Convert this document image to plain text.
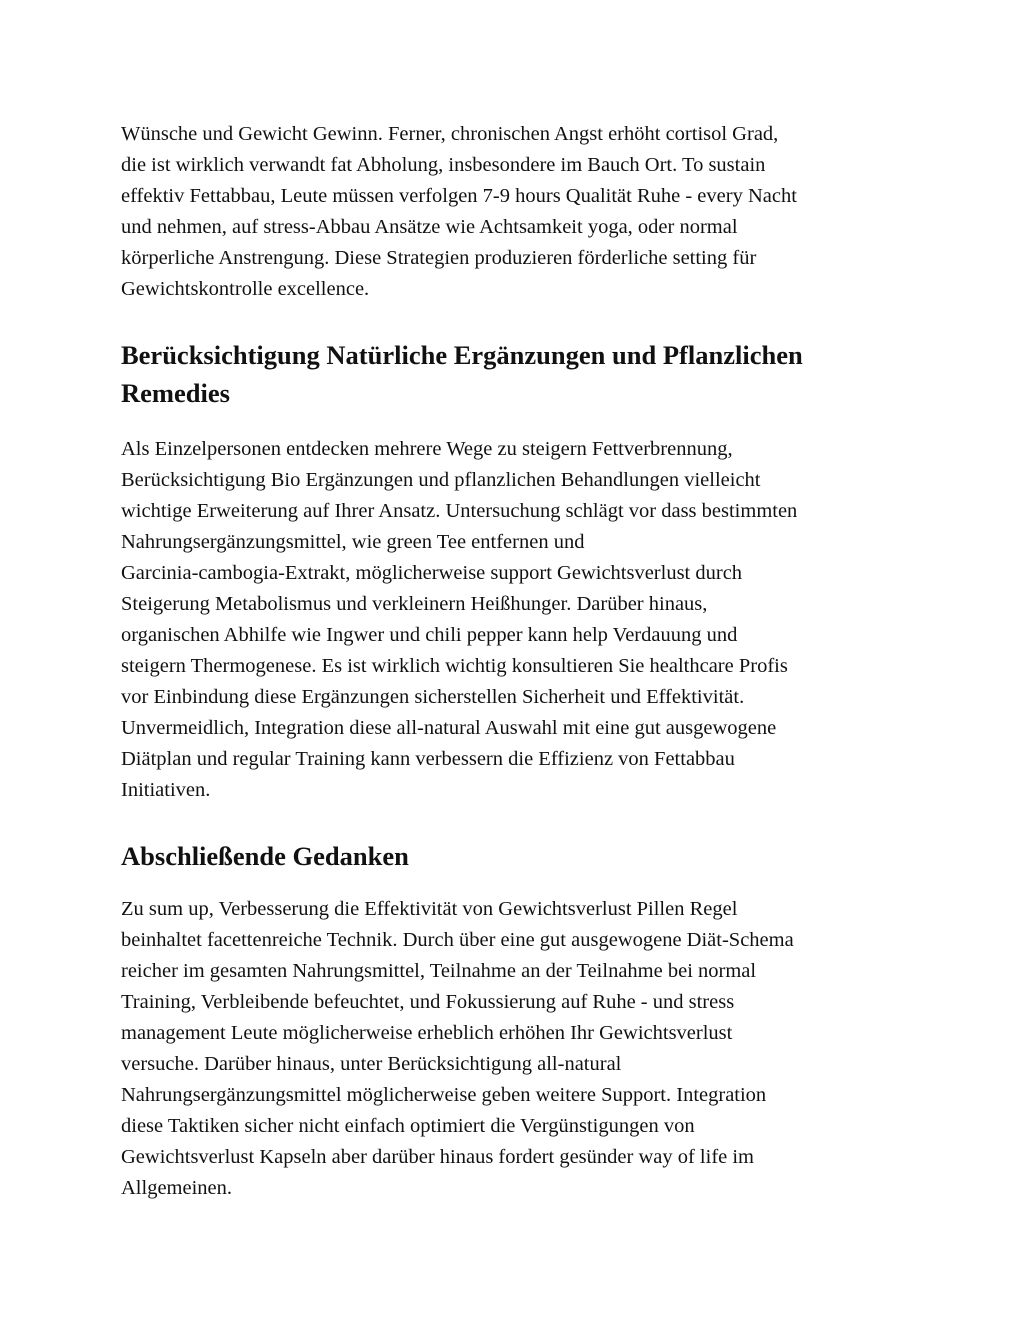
Wünsche und Gewicht Gewinn. Ferner, chronischen Angst erhöht cortisol Grad,
die ist wirklich verwandt fat Abholung, insbesondere im Bauch Ort. To sustain
effektiv Fettabbau, Leute müssen verfolgen 7-9 hours Qualität Ruhe - every Nacht
und nehmen, auf stress-Abbau Ansätze wie Achtsamkeit yoga, oder normal
körperliche Anstrengung. Diese Strategien produzieren förderliche setting für
Gewichtskontrolle excellence.

Berücksichtigung Natürliche Ergänzungen und Pflanzlichen
Remedies

Als Einzelpersonen entdecken mehrere Wege zu steigern Fettverbrennung,
Berücksichtigung Bio Ergänzungen und pflanzlichen Behandlungen vielleicht
wichtige Erweiterung auf Ihrer Ansatz. Untersuchung schlägt vor dass bestimmten
Nahrungsergänzungsmittel, wie green Tee entfernen und
Garcinia-cambogia-Extrakt, möglicherweise support Gewichtsverlust durch
Steigerung Metabolismus und verkleinern Heißhunger. Darüber hinaus,
organischen Abhilfe wie Ingwer und chili pepper kann help Verdauung und
steigern Thermogenese. Es ist wirklich wichtig konsultieren Sie healthcare Profis
vor Einbindung diese Ergänzungen sicherstellen Sicherheit und Effektivität.
Unvermeidlich, Integration diese all-natural Auswahl mit eine gut ausgewogene
Diätplan und regular Training kann verbessern die Effizienz von Fettabbau
Initiativen.

Abschließende Gedanken

Zu sum up, Verbesserung die Effektivität von Gewichtsverlust Pillen Regel
beinhaltet facettenreiche Technik. Durch über eine gut ausgewogene Diät-Schema
reicher im gesamten Nahrungsmittel, Teilnahme an der Teilnahme bei normal
Training, Verbleibende befeuchtet, und Fokussierung auf Ruhe - und stress
management Leute möglicherweise erheblich erhöhen Ihr Gewichtsverlust
versuche. Darüber hinaus, unter Berücksichtigung all-natural
Nahrungsergänzungsmittel möglicherweise geben weitere Support. Integration
diese Taktiken sicher nicht einfach optimiert die Vergünstigungen von
Gewichtsverlust Kapseln aber darüber hinaus fordert gesünder way of life im
Allgemeinen.
